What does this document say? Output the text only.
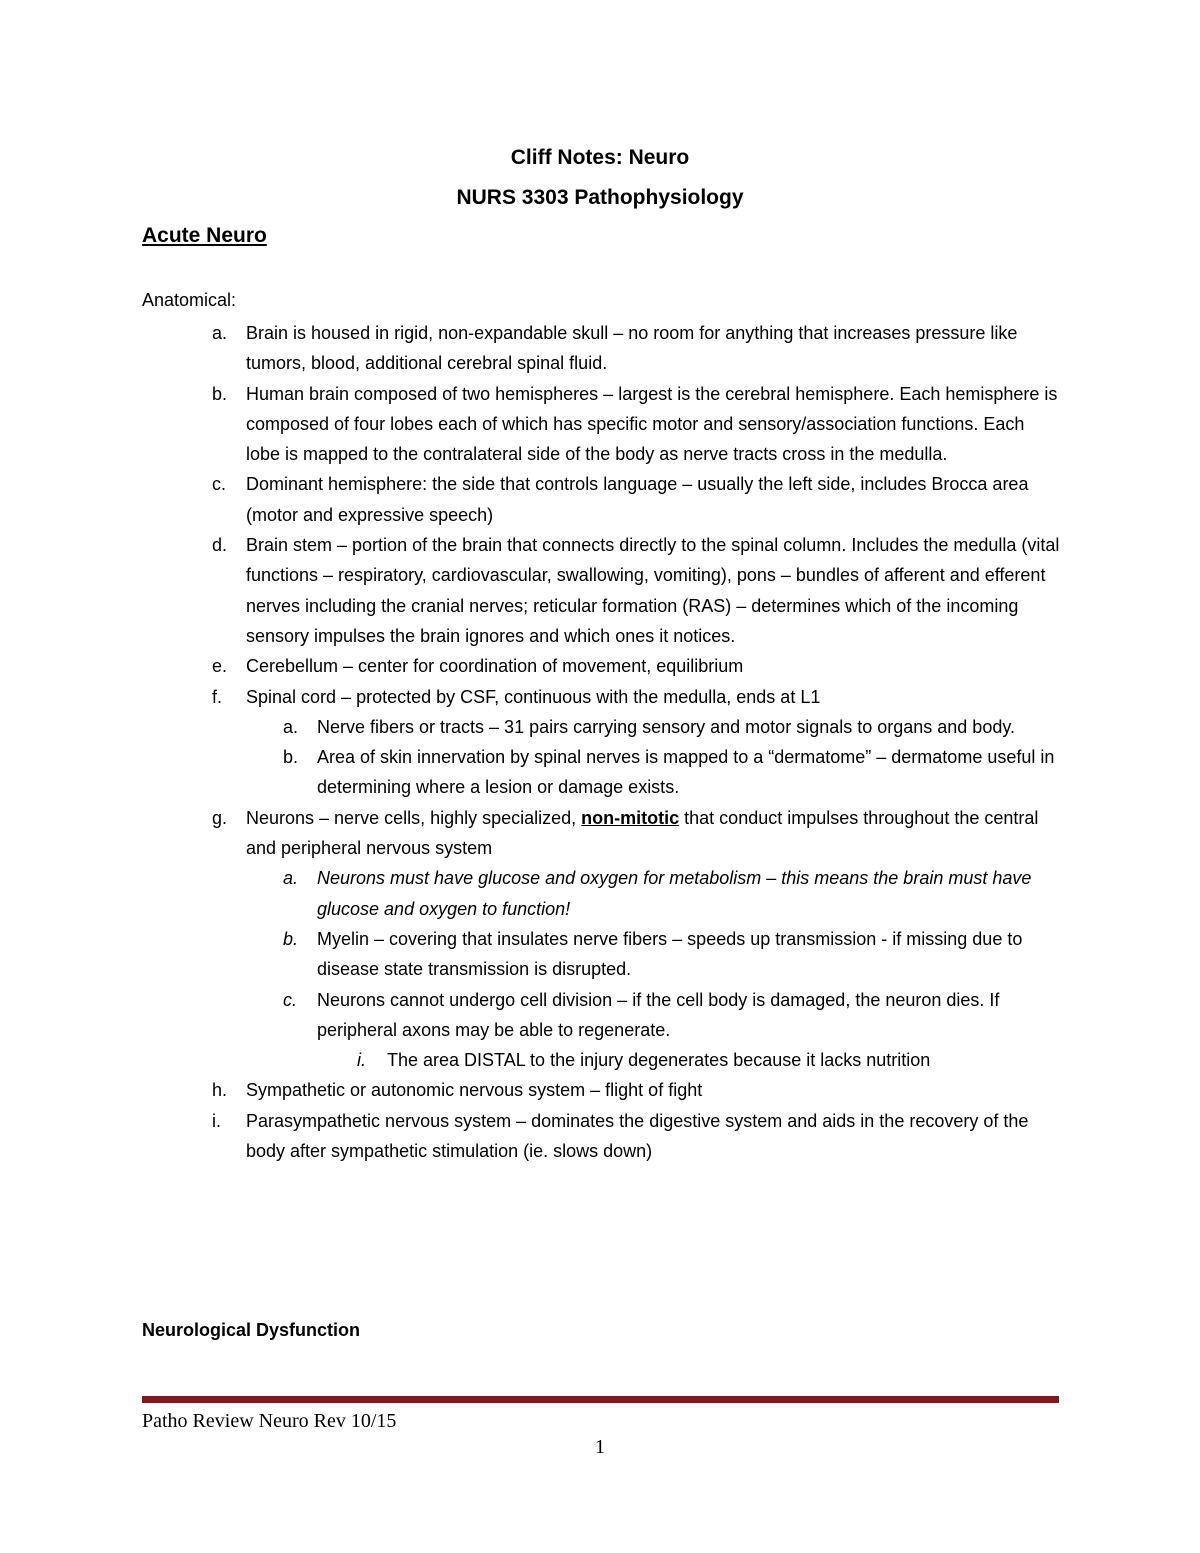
Cliff Notes: Neuro
NURS 3303 Pathophysiology
Acute Neuro
Anatomical:
a. Brain is housed in rigid, non-expandable skull – no room for anything that increases pressure like tumors, blood, additional cerebral spinal fluid.
b. Human brain composed of two hemispheres – largest is the cerebral hemisphere. Each hemisphere is composed of four lobes each of which has specific motor and sensory/association functions. Each lobe is mapped to the contralateral side of the body as nerve tracts cross in the medulla.
c. Dominant hemisphere: the side that controls language – usually the left side, includes Brocca area (motor and expressive speech)
d. Brain stem – portion of the brain that connects directly to the spinal column. Includes the medulla (vital functions – respiratory, cardiovascular, swallowing, vomiting), pons – bundles of afferent and efferent nerves including the cranial nerves; reticular formation (RAS) – determines which of the incoming sensory impulses the brain ignores and which ones it notices.
e. Cerebellum – center for coordination of movement, equilibrium
f. Spinal cord – protected by CSF, continuous with the medulla, ends at L1
a. Nerve fibers or tracts – 31 pairs carrying sensory and motor signals to organs and body.
b. Area of skin innervation by spinal nerves is mapped to a “dermatome” – dermatome useful in determining where a lesion or damage exists.
g. Neurons – nerve cells, highly specialized, non-mitotic that conduct impulses throughout the central and peripheral nervous system
a. Neurons must have glucose and oxygen for metabolism – this means the brain must have glucose and oxygen to function!
b. Myelin – covering that insulates nerve fibers – speeds up transmission - if missing due to disease state transmission is disrupted.
c. Neurons cannot undergo cell division – if the cell body is damaged, the neuron dies. If peripheral axons may be able to regenerate.
i. The area DISTAL to the injury degenerates because it lacks nutrition
h. Sympathetic or autonomic nervous system – flight of fight
i. Parasympathetic nervous system – dominates the digestive system and aids in the recovery of the body after sympathetic stimulation (ie. slows down)
Neurological Dysfunction
Patho Review Neuro Rev 10/15
1
